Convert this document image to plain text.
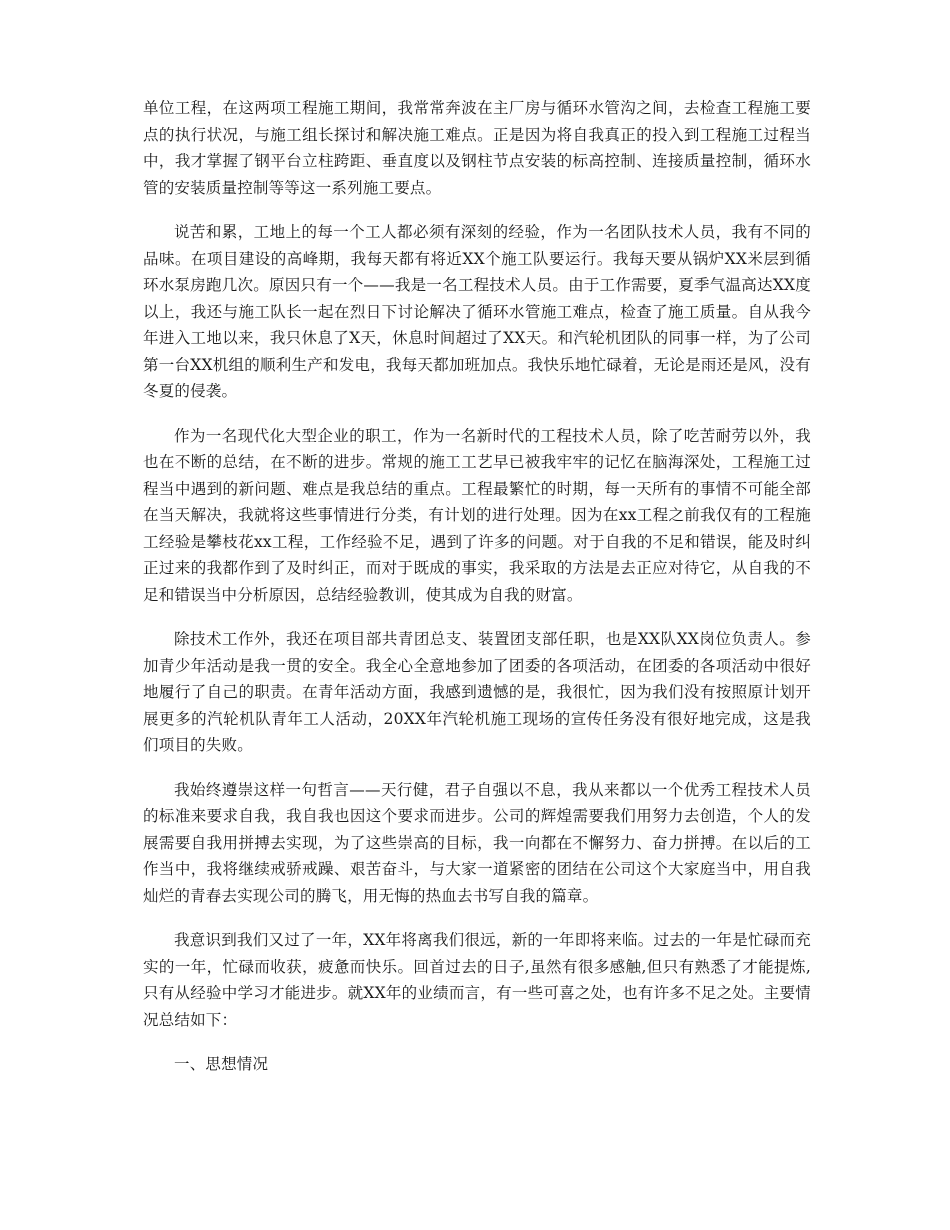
单位工程，在这两项工程施工期间，我常常奔波在主厂房与循环水管沟之间，去检查工程施工要点的执行状况，与施工组长探讨和解决施工难点。正是因为将自我真正的投入到工程施工过程当中，我才掌握了钢平台立柱跨距、垂直度以及钢柱节点安装的标高控制、连接质量控制，循环水管的安装质量控制等等这一系列施工要点。

说苦和累，工地上的每一个工人都必须有深刻的经验，作为一名团队技术人员，我有不同的品味。在项目建设的高峰期，我每天都有将近XX个施工队要运行。我每天要从锅炉XX米层到循环水泵房跑几次。原因只有一个——我是一名工程技术人员。由于工作需要，夏季气温高达XX度以上，我还与施工队长一起在烈日下讨论解决了循环水管施工难点，检查了施工质量。自从我今年进入工地以来，我只休息了X天，休息时间超过了XX天。和汽轮机团队的同事一样，为了公司第一台XX机组的顺利生产和发电，我每天都加班加点。我快乐地忙碌着，无论是雨还是风，没有冬夏的侵袭。

作为一名现代化大型企业的职工，作为一名新时代的工程技术人员，除了吃苦耐劳以外，我也在不断的总结，在不断的进步。常规的施工工艺早已被我牢牢的记忆在脑海深处，工程施工过程当中遇到的新问题、难点是我总结的重点。工程最繁忙的时期，每一天所有的事情不可能全部在当天解决，我就将这些事情进行分类，有计划的进行处理。因为在xx工程之前我仅有的工程施工经验是攀枝花xx工程，工作经验不足，遇到了许多的问题。对于自我的不足和错误，能及时纠正过来的我都作到了及时纠正，而对于既成的事实，我采取的方法是去正应对待它，从自我的不足和错误当中分析原因，总结经验教训，使其成为自我的财富。

除技术工作外，我还在项目部共青团总支、装置团支部任职，也是XX队XX岗位负责人。参加青少年活动是我一贯的安全。我全心全意地参加了团委的各项活动，在团委的各项活动中很好地履行了自己的职责。在青年活动方面，我感到遗憾的是，我很忙，因为我们没有按照原计划开展更多的汽轮机队青年工人活动，20XX年汽轮机施工现场的宣传任务没有很好地完成，这是我们项目的失败。

我始终遵崇这样一句哲言——天行健，君子自强以不息，我从来都以一个优秀工程技术人员的标准来要求自我，我自我也因这个要求而进步。公司的辉煌需要我们用努力去创造，个人的发展需要自我用拼搏去实现，为了这些崇高的目标，我一向都在不懈努力、奋力拼搏。在以后的工作当中，我将继续戒骄戒躁、艰苦奋斗，与大家一道紧密的团结在公司这个大家庭当中，用自我灿烂的青春去实现公司的腾飞，用无悔的热血去书写自我的篇章。

我意识到我们又过了一年，XX年将离我们很远，新的一年即将来临。过去的一年是忙碌而充实的一年，忙碌而收获，疲惫而快乐。回首过去的日子,虽然有很多感触,但只有熟悉了才能提炼,只有从经验中学习才能进步。就XX年的业绩而言，有一些可喜之处，也有许多不足之处。主要情况总结如下：

一、思想情况
